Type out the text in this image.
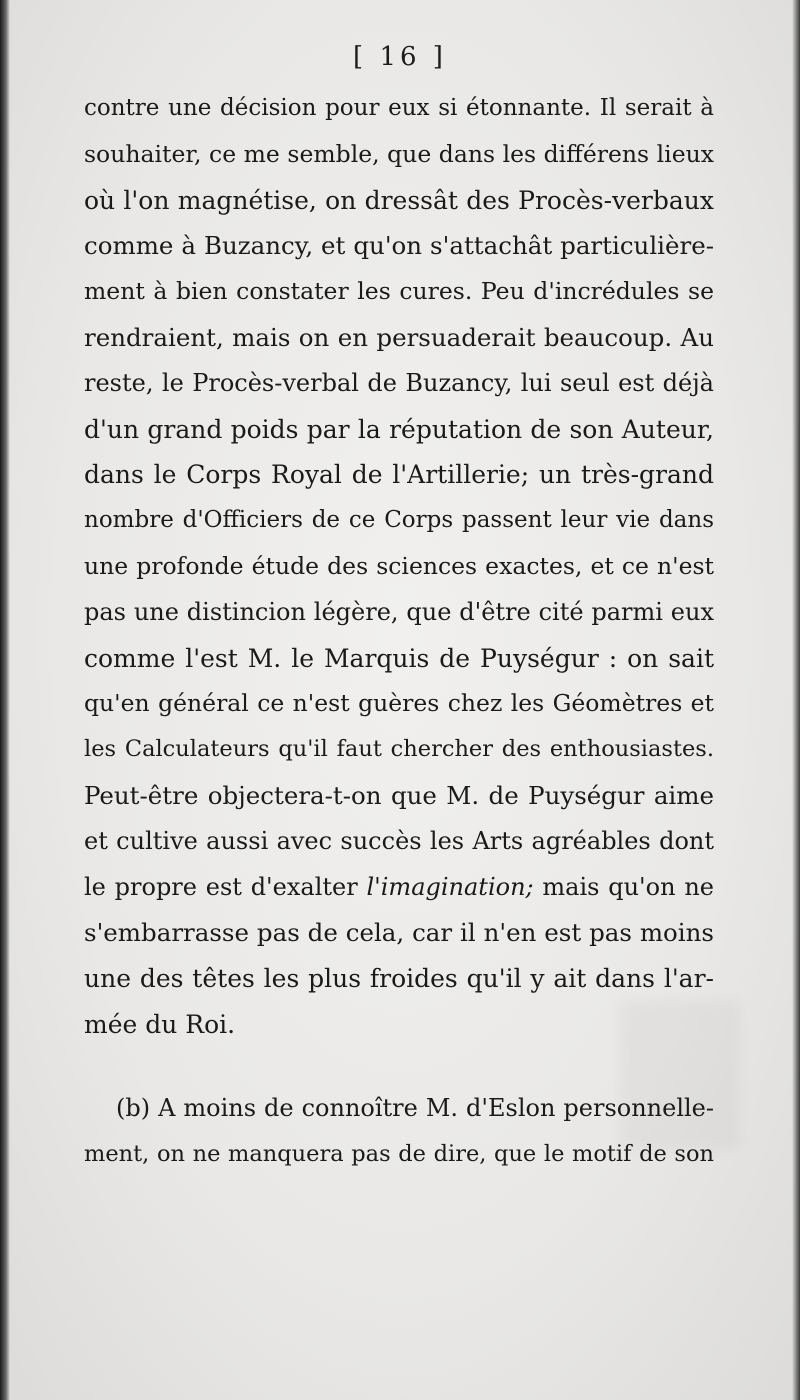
[ 16 ]
contre une décision pour eux si étonnante. Il serait à
souhaiter, ce me semble, que dans les différens lieux
où l'on magnétise, on dressât des Procès-verbaux
comme à Buzancy, et qu'on s'attachât particulière-
ment à bien constater les cures. Peu d'incrédules se
rendraient, mais on en persuaderait beaucoup. Au
reste, le Procès-verbal de Buzancy, lui seul est déjà
d'un grand poids par la réputation de son Auteur,
dans le Corps Royal de l'Artillerie; un très-grand
nombre d'Officiers de ce Corps passent leur vie dans
une profonde étude des sciences exactes, et ce n'est
pas une distincion légère, que d'être cité parmi eux
comme l'est M. le Marquis de Puységur : on sait
qu'en général ce n'est guères chez les Géomètres et
les Calculateurs qu'il faut chercher des enthousiastes.
Peut-être objectera-t-on que M. de Puységur aime
et cultive aussi avec succès les Arts agréables dont
le propre est d'exalter l'imagination; mais qu'on ne
s'embarrasse pas de cela, car il n'en est pas moins
une des têtes les plus froides qu'il y ait dans l'ar-
mée du Roi.
(b) A moins de connoître M. d'Eslon personnelle-
ment, on ne manquera pas de dire, que le motif de son
